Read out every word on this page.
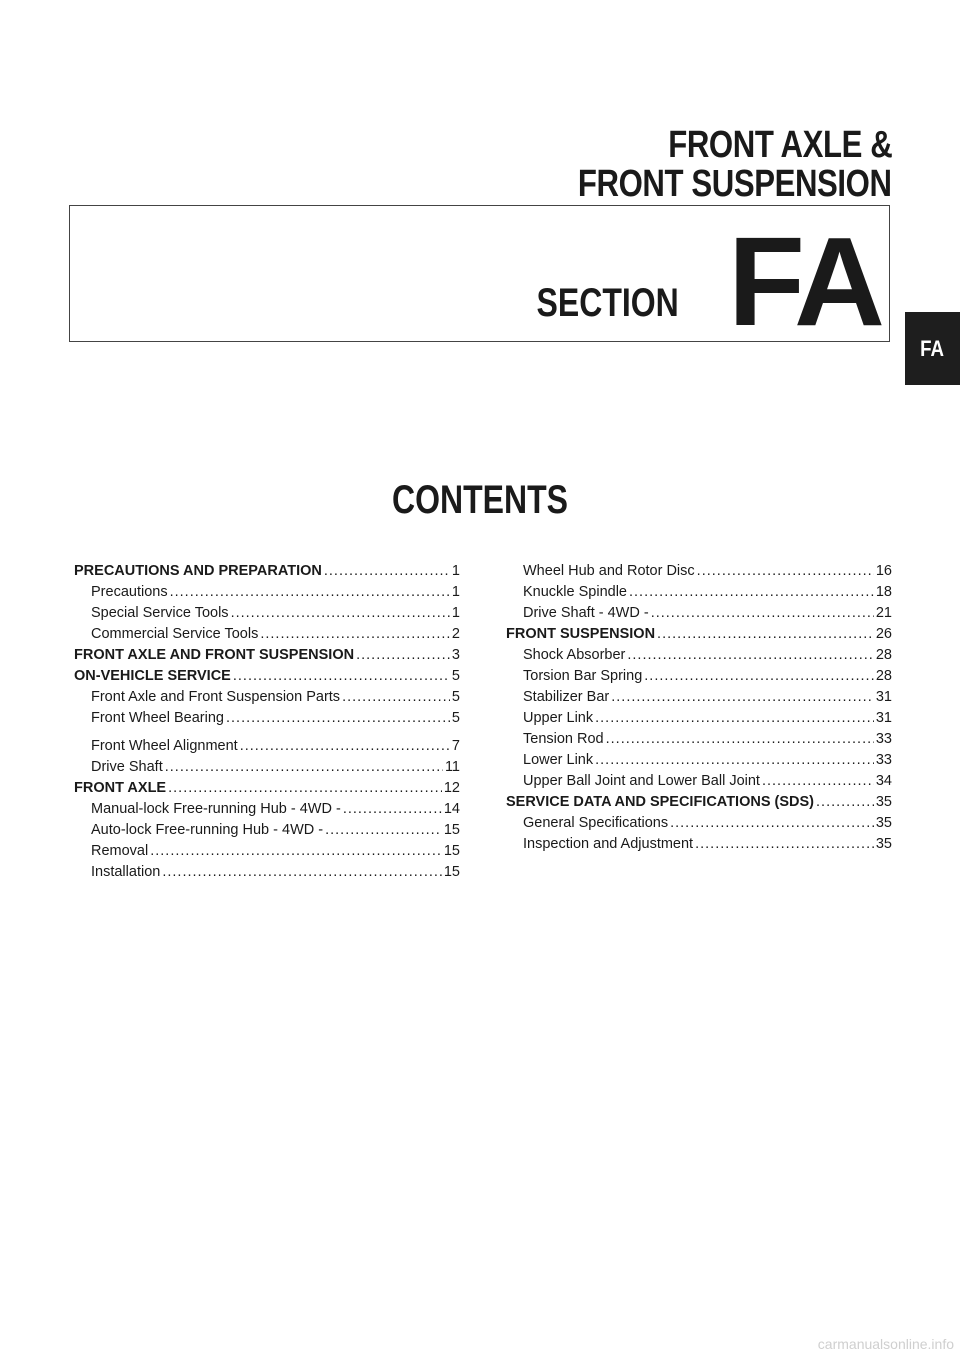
FRONT AXLE &
FRONT SUSPENSION
SECTION FA
CONTENTS
PRECAUTIONS AND PREPARATION .....	1
Precautions .....	1
Special Service Tools .....	1
Commercial Service Tools .....	2
FRONT AXLE AND FRONT SUSPENSION .....	3
ON-VEHICLE SERVICE .....	5
Front Axle and Front Suspension Parts .....	5
Front Wheel Bearing .....	5
Front Wheel Alignment .....	7
Drive Shaft .....	11
FRONT AXLE .....	12
Manual-lock Free-running Hub - 4WD - .....	14
Auto-lock Free-running Hub - 4WD - .....	15
Removal .....	15
Installation .....	15
Wheel Hub and Rotor Disc .....	16
Knuckle Spindle .....	18
Drive Shaft - 4WD - .....	21
FRONT SUSPENSION .....	26
Shock Absorber .....	28
Torsion Bar Spring .....	28
Stabilizer Bar .....	31
Upper Link .....	31
Tension Rod .....	33
Lower Link .....	33
Upper Ball Joint and Lower Ball Joint .....	34
SERVICE DATA AND SPECIFICATIONS (SDS) .....	35
General Specifications .....	35
Inspection and Adjustment .....	35
FA
carmanualsonline.info
